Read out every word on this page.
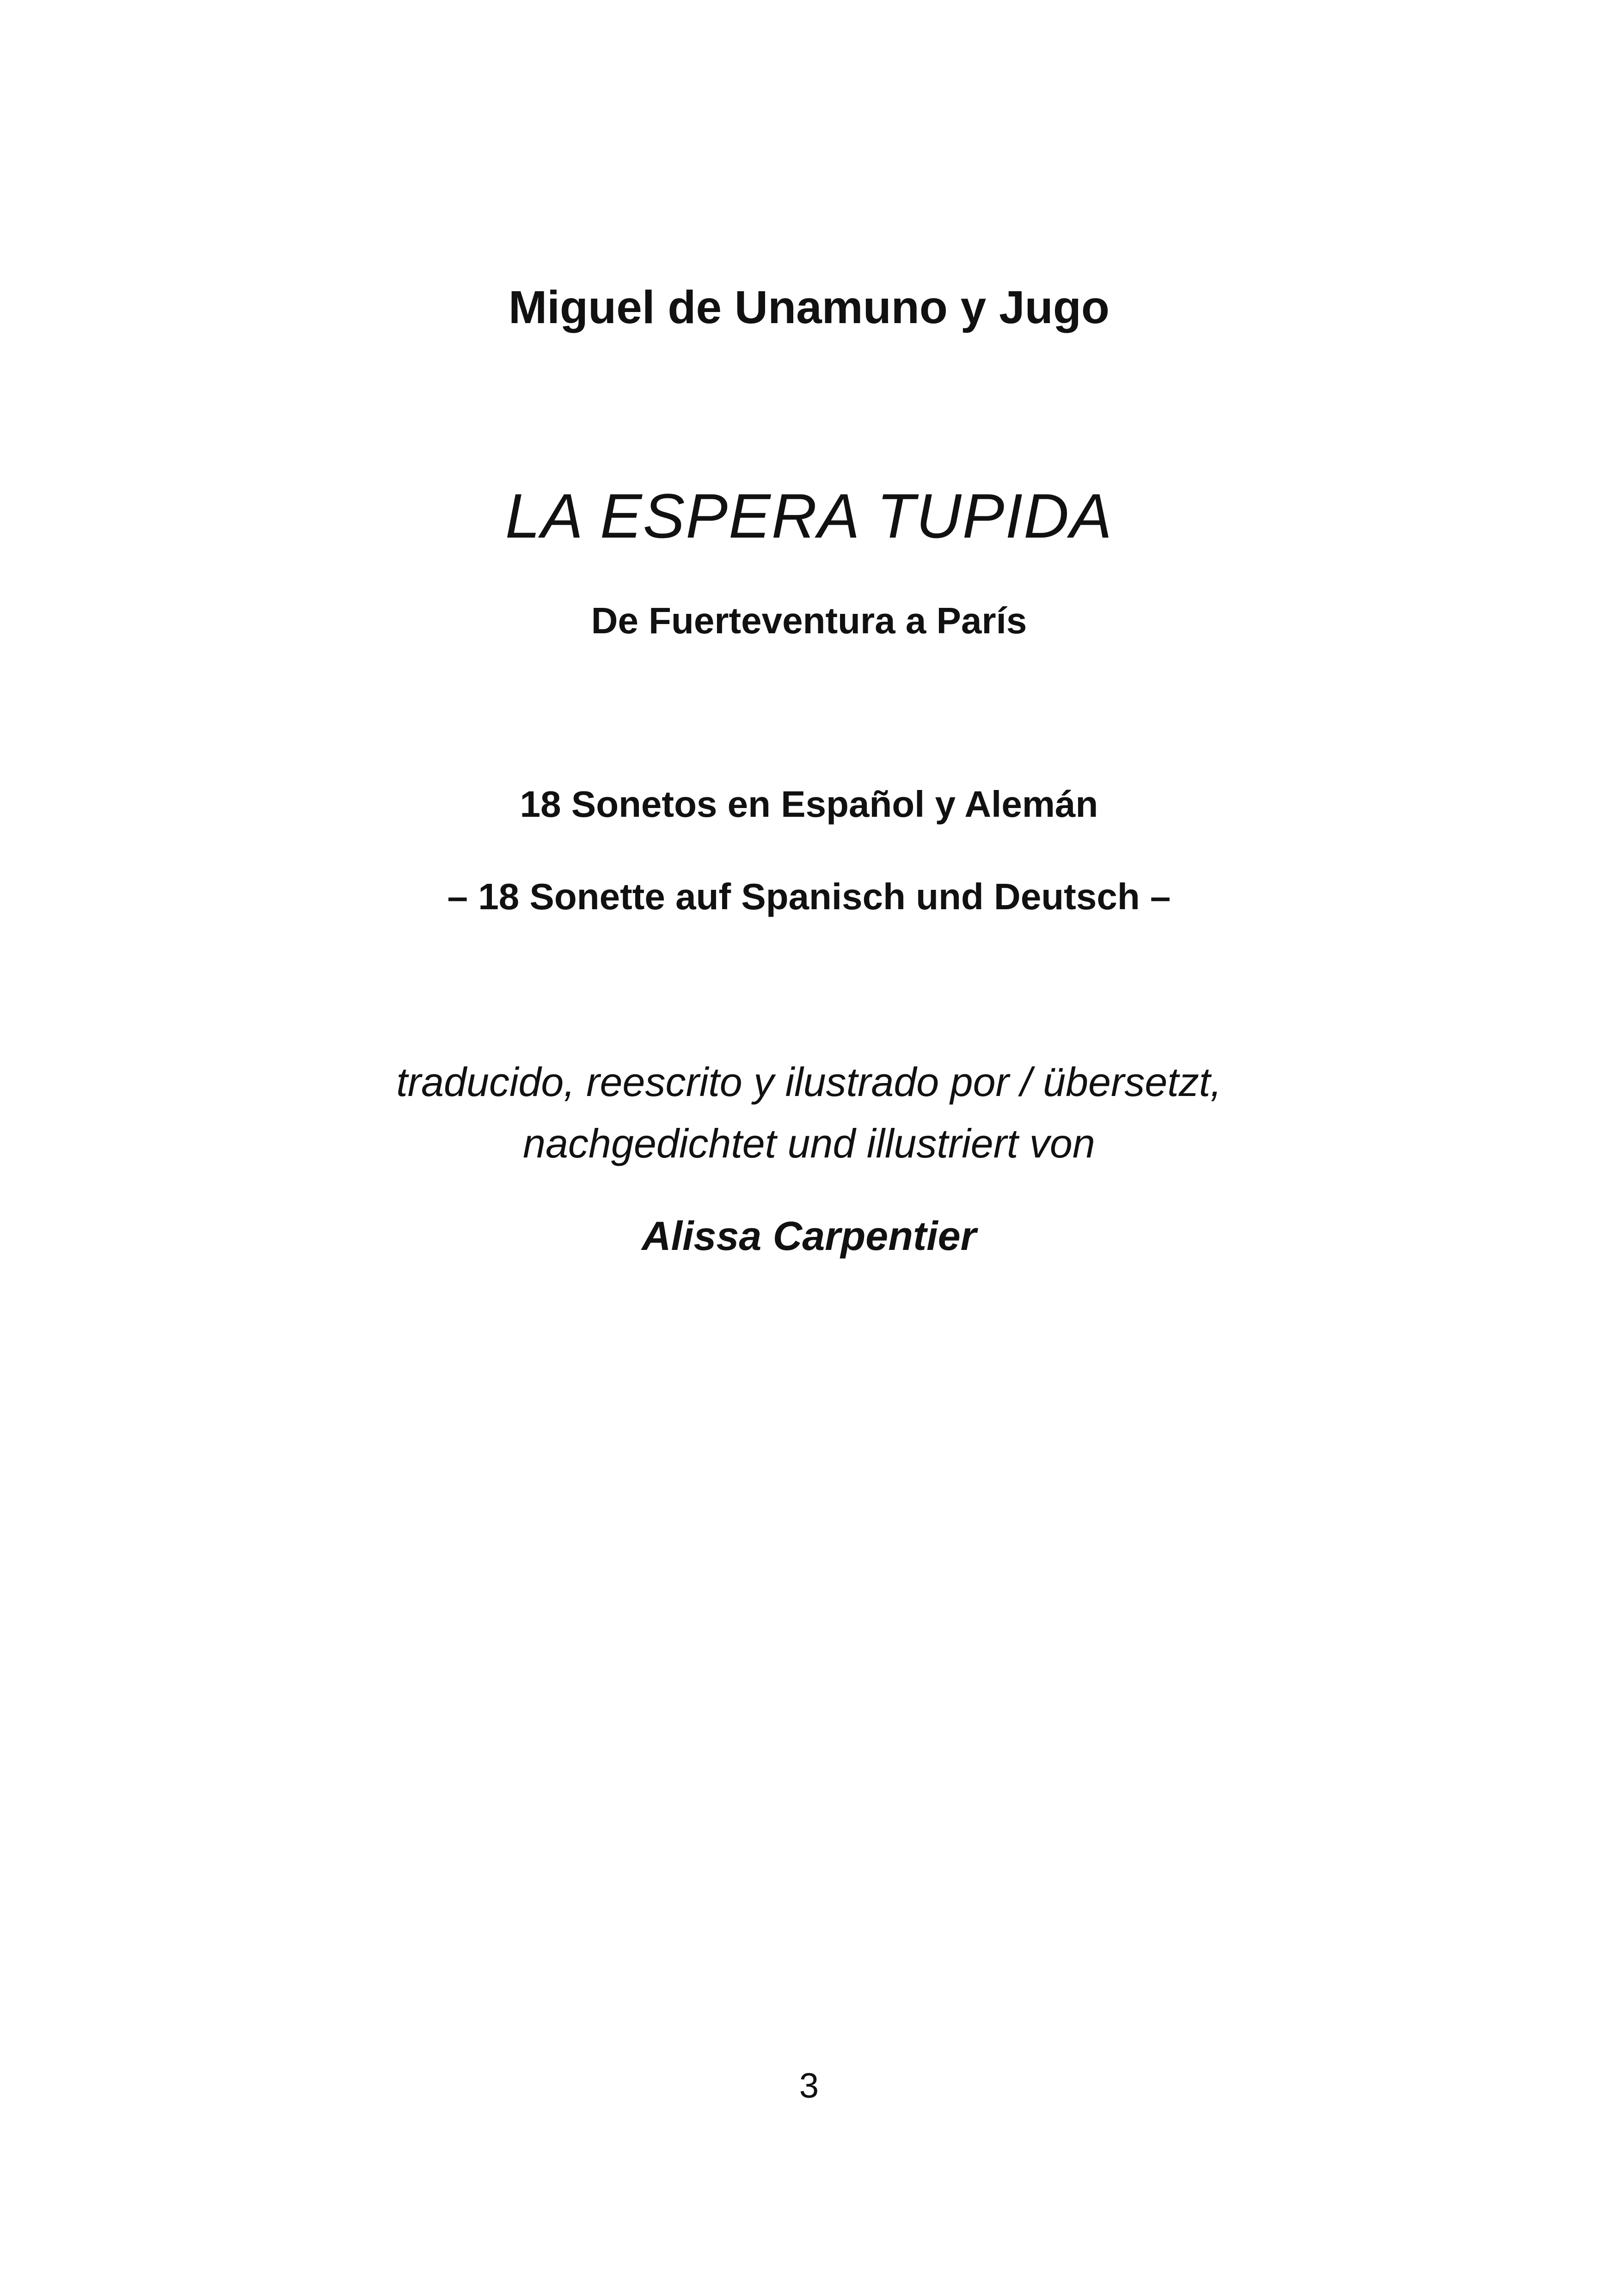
Miguel de Unamuno y Jugo
LA ESPERA TUPIDA
De Fuerteventura a París
18 Sonetos en Español y Alemán
– 18 Sonette auf Spanisch und Deutsch –
traducido, reescrito y ilustrado por / übersetzt,
nachgedichtet und illustriert von
Alissa Carpentier
3
